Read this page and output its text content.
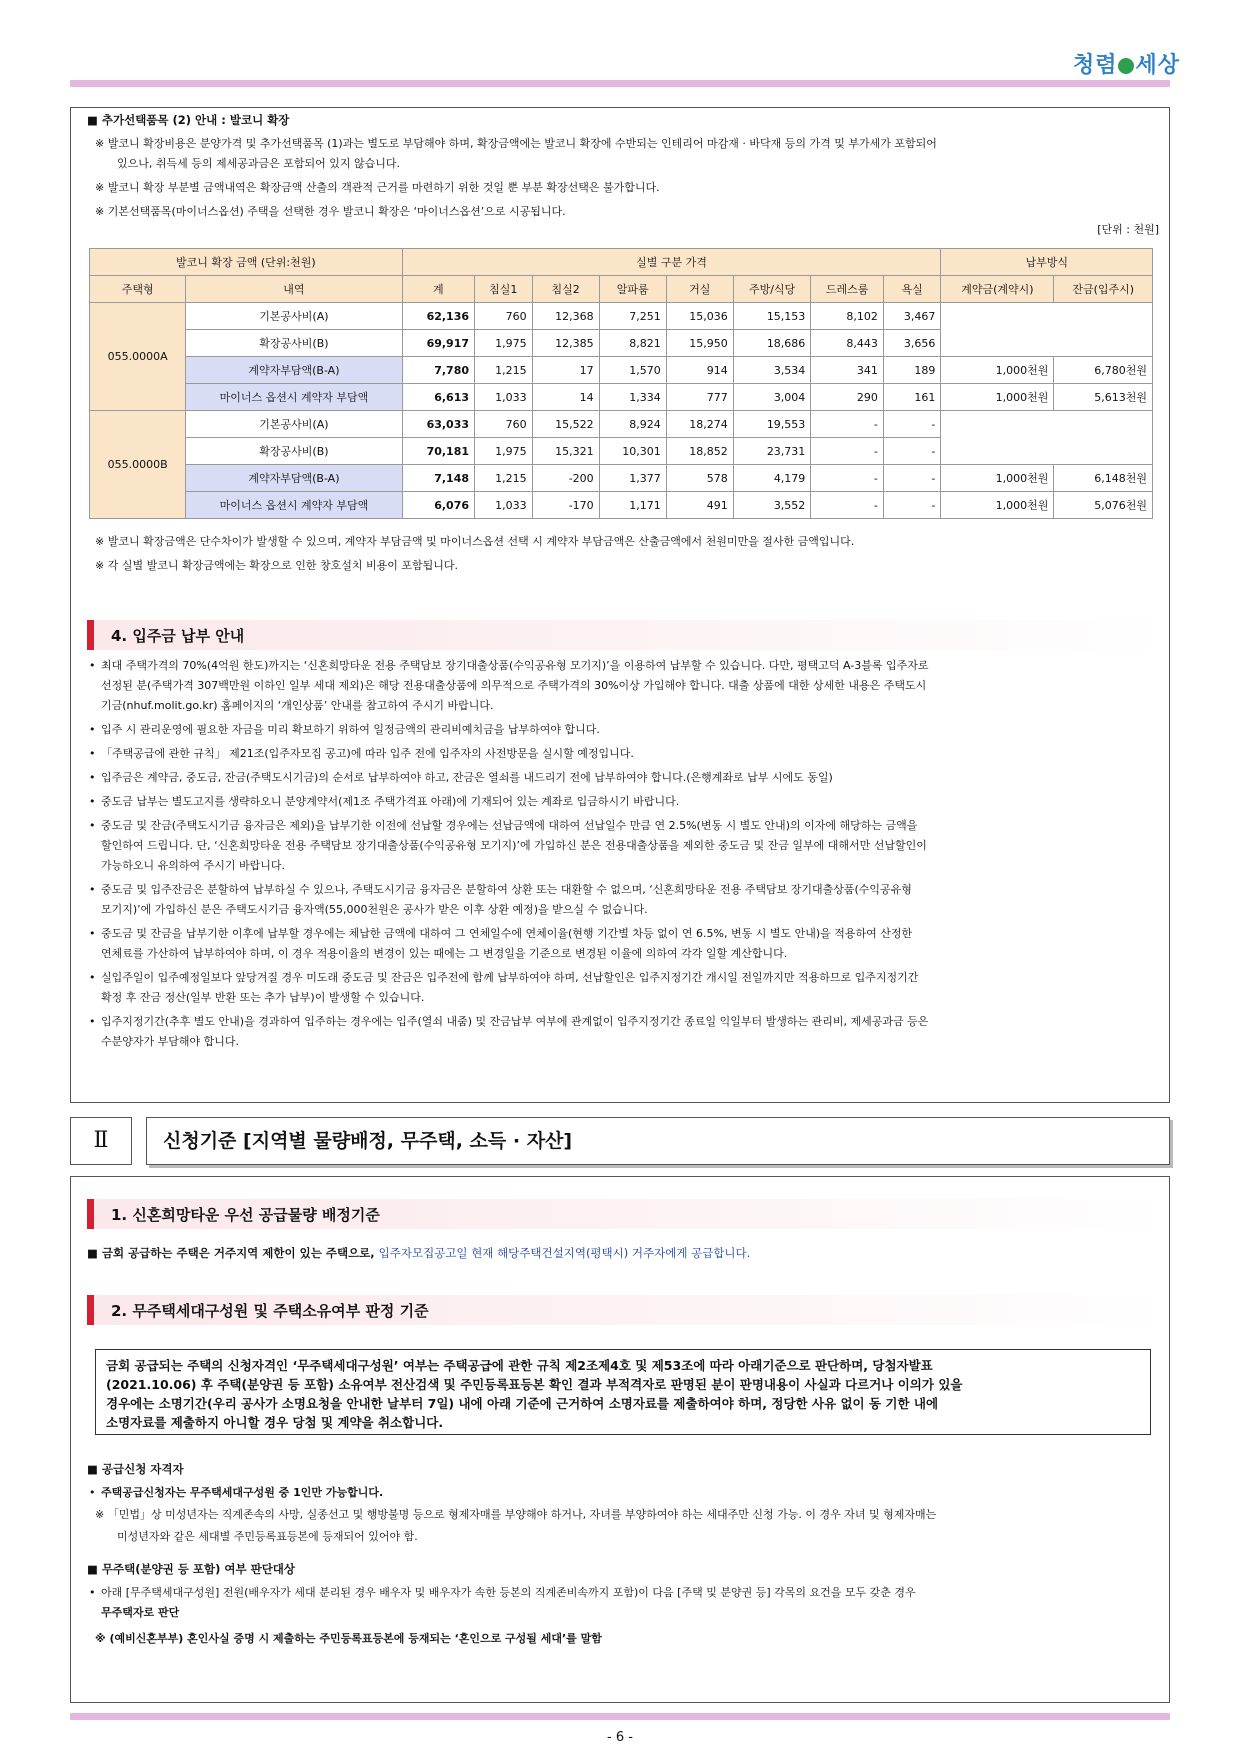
청렴 세상
■ 추가선택품목 (2) 안내 : 발코니 확장
※ 발코니 확장비용은 분양가격 및 추가선택품목 (1)과는 별도로 부담해야 하며, 확장금액에는 발코니 확장에 수반되는 인테리어 마감재 · 바닥재 등의 가격 및 부가세가 포함되어
있으나, 취득세 등의 제세공과금은 포함되어 있지 않습니다.
※ 발코니 확장 부분별 금액내역은 확장금액 산출의 객관적 근거를 마련하기 위한 것일 뿐 부분 확장선택은 불가합니다.
※ 기본선택품목(마이너스옵션) 주택을 선택한 경우 발코니 확장은 ‘마이너스옵션’으로 시공됩니다.
[단위 : 천원]
발코니 확장 금액 (단위:천원)		실별 구분 가격								납부방식	
주택형	내역	계	침실1	침실2	알파룸	거실	주방/식당	드레스룸	욕실	계약금(계약시)	잔금(입주시)
055.0000A	기본공사비(A)	62,136	760	12,368	7,251	15,036	15,153	8,102	3,467		
	확장공사비(B)	69,917	1,975	12,385	8,821	15,950	18,686	8,443	3,656		
	계약자부담액(B-A)	7,780	1,215	17	1,570	914	3,534	341	189	1,000천원	6,780천원
	마이너스 옵션시 계약자 부담액	6,613	1,033	14	1,334	777	3,004	290	161	1,000천원	5,613천원
055.0000B	기본공사비(A)	63,033	760	15,522	8,924	18,274	19,553	-	-		
	확장공사비(B)	70,181	1,975	15,321	10,301	18,852	23,731	-	-		
	계약자부담액(B-A)	7,148	1,215	-200	1,377	578	4,179	-	-	1,000천원	6,148천원
	마이너스 옵션시 계약자 부담액	6,076	1,033	-170	1,171	491	3,552	-	-	1,000천원	5,076천원
※ 발코니 확장금액은 단수차이가 발생할 수 있으며, 계약자 부담금액 및 마이너스옵션 선택 시 계약자 부담금액은 산출금액에서 천원미만을 절사한 금액입니다.
※ 각 실별 발코니 확장금액에는 확장으로 인한 창호설치 비용이 포함됩니다.
4. 입주금 납부 안내
• 최대 주택가격의 70%(4억원 한도)까지는 ‘신혼희망타운 전용 주택담보 장기대출상품(수익공유형 모기지)’을 이용하여 납부할 수 있습니다. 다만, 평택고덕 A-3블록 입주자로
선정된 분(주택가격 307백만원 이하인 일부 세대 제외)은 해당 전용대출상품에 의무적으로 주택가격의 30%이상 가입해야 합니다. 대출 상품에 대한 상세한 내용은 주택도시
기금(nhuf.molit.go.kr) 홈페이지의 ‘개인상품’ 안내를 참고하여 주시기 바랍니다.
• 입주 시 관리운영에 필요한 자금을 미리 확보하기 위하여 일정금액의 관리비예치금을 납부하여야 합니다.
• 「주택공급에 관한 규칙」 제21조(입주자모집 공고)에 따라 입주 전에 입주자의 사전방문을 실시할 예정입니다.
• 입주금은 계약금, 중도금, 잔금(주택도시기금)의 순서로 납부하여야 하고, 잔금은 열쇠를 내드리기 전에 납부하여야 합니다.(은행계좌로 납부 시에도 동일)
• 중도금 납부는 별도고지를 생략하오니 분양계약서(제1조 주택가격표 아래)에 기재되어 있는 계좌로 입금하시기 바랍니다.
• 중도금 및 잔금(주택도시기금 융자금은 제외)을 납부기한 이전에 선납할 경우에는 선납금액에 대하여 선납일수 만큼 연 2.5%(변동 시 별도 안내)의 이자에 해당하는 금액을
할인하여 드립니다. 단, ‘신혼희망타운 전용 주택담보 장기대출상품(수익공유형 모기지)’에 가입하신 분은 전용대출상품을 제외한 중도금 및 잔금 일부에 대해서만 선납할인이
가능하오니 유의하여 주시기 바랍니다.
• 중도금 및 입주잔금은 분할하여 납부하실 수 있으나, 주택도시기금 융자금은 분할하여 상환 또는 대환할 수 없으며, ‘신혼희망타운 전용 주택담보 장기대출상품(수익공유형
모기지)’에 가입하신 분은 주택도시기금 융자액(55,000천원은 공사가 받은 이후 상환 예정)을 받으실 수 없습니다.
• 중도금 및 잔금을 납부기한 이후에 납부할 경우에는 체납한 금액에 대하여 그 연체일수에 연체이율(현행 기간별 차등 없이 연 6.5%, 변동 시 별도 안내)을 적용하여 산정한
연체료를 가산하여 납부하여야 하며, 이 경우 적용이율의 변경이 있는 때에는 그 변경일을 기준으로 변경된 이율에 의하여 각각 일할 계산합니다.
• 실입주일이 입주예정일보다 앞당겨질 경우 미도래 중도금 및 잔금은 입주전에 함께 납부하여야 하며, 선납할인은 입주지정기간 개시일 전일까지만 적용하므로 입주지정기간
확정 후 잔금 정산(일부 반환 또는 추가 납부)이 발생할 수 있습니다.
• 입주지정기간(추후 별도 안내)을 경과하여 입주하는 경우에는 입주(열쇠 내줌) 및 잔금납부 여부에 관계없이 입주지정기간 종료일 익일부터 발생하는 관리비, 제세공과금 등은
수분양자가 부담해야 합니다.
Ⅱ	신청기준 [지역별 물량배정, 무주택, 소득 · 자산]
1. 신혼희망타운 우선 공급물량 배정기준
■ 금회 공급하는 주택은 거주지역 제한이 있는 주택으로, 입주자모집공고일 현재 해당주택건설지역(평택시) 거주자에게 공급합니다.
2. 무주택세대구성원 및 주택소유여부 판정 기준
금회 공급되는 주택의 신청자격인 ‘무주택세대구성원’ 여부는 주택공급에 관한 규칙 제2조제4호 및 제53조에 따라 아래기준으로 판단하며, 당첨자발표
(2021.10.06) 후 주택(분양권 등 포함) 소유여부 전산검색 및 주민등록표등본 확인 결과 부적격자로 판명된 분이 판명내용이 사실과 다르거나 이의가 있을
경우에는 소명기간(우리 공사가 소명요청을 안내한 날부터 7일) 내에 아래 기준에 근거하여 소명자료를 제출하여야 하며, 정당한 사유 없이 동 기한 내에
소명자료를 제출하지 아니할 경우 당첨 및 계약을 취소합니다.
■ 공급신청 자격자
• 주택공급신청자는 무주택세대구성원 중 1인만 가능합니다.
※ 「민법」상 미성년자는 직계존속의 사망, 실종선고 및 행방불명 등으로 형제자매를 부양해야 하거나, 자녀를 부양하여야 하는 세대주만 신청 가능. 이 경우 자녀 및 형제자매는
미성년자와 같은 세대별 주민등록표등본에 등재되어 있어야 함.
■ 무주택(분양권 등 포함) 여부 판단대상
• 아래 [무주택세대구성원] 전원(배우자가 세대 분리된 경우 배우자 및 배우자가 속한 등본의 직계존비속까지 포함)이 다음 [주택 및 분양권 등] 각목의 요건을 모두 갖춘 경우
무주택자로 판단
※ (예비신혼부부) 혼인사실 증명 시 제출하는 주민등록표등본에 등재되는 ‘혼인으로 구성될 세대’를 말함
- 6 -
